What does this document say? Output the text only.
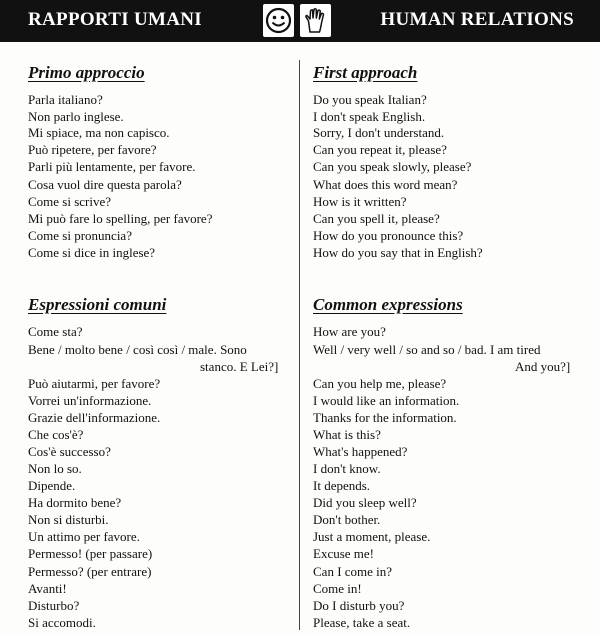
RAPPORTI UMANI	HUMAN RELATIONS
Primo approccio
Parla italiano?
Non parlo inglese.
Mi spiace, ma non capisco.
Può ripetere, per favore?
Parli più lentamente, per favore.
Cosa vuol dire questa parola?
Come si scrive?
Mi può fare lo spelling, per favore?
Come si pronuncia?
Come si dice in inglese?
Espressioni comuni
Come sta?
Bene / molto bene / così così / male. Sono
stanco. E Lei?]
Può aiutarmi, per favore?
Vorrei un'informazione.
Grazie dell'informazione.
Che cos'è?
Cos'è successo?
Non lo so.
Dipende.
Ha dormito bene?
Non si disturbi.
Un attimo per favore.
Permesso! (per passare)
Permesso? (per entrare)
Avanti!
Disturbo?
Si accomodi.
First approach
Do you speak Italian?
I don't speak English.
Sorry, I don't understand.
Can you repeat it, please?
Can you speak slowly, please?
What does this word mean?
How is it written?
Can you spell it, please?
How do you pronounce this?
How do you say that in English?
Common expressions
How are you?
Well / very well / so and so / bad. I am tired
And you?]
Can you help me, please?
I would like an information.
Thanks for the information.
What is this?
What's happened?
I don't know.
It depends.
Did you sleep well?
Don't bother.
Just a moment, please.
Excuse me!
Can I come in?
Come in!
Do I disturb you?
Please, take a seat.
